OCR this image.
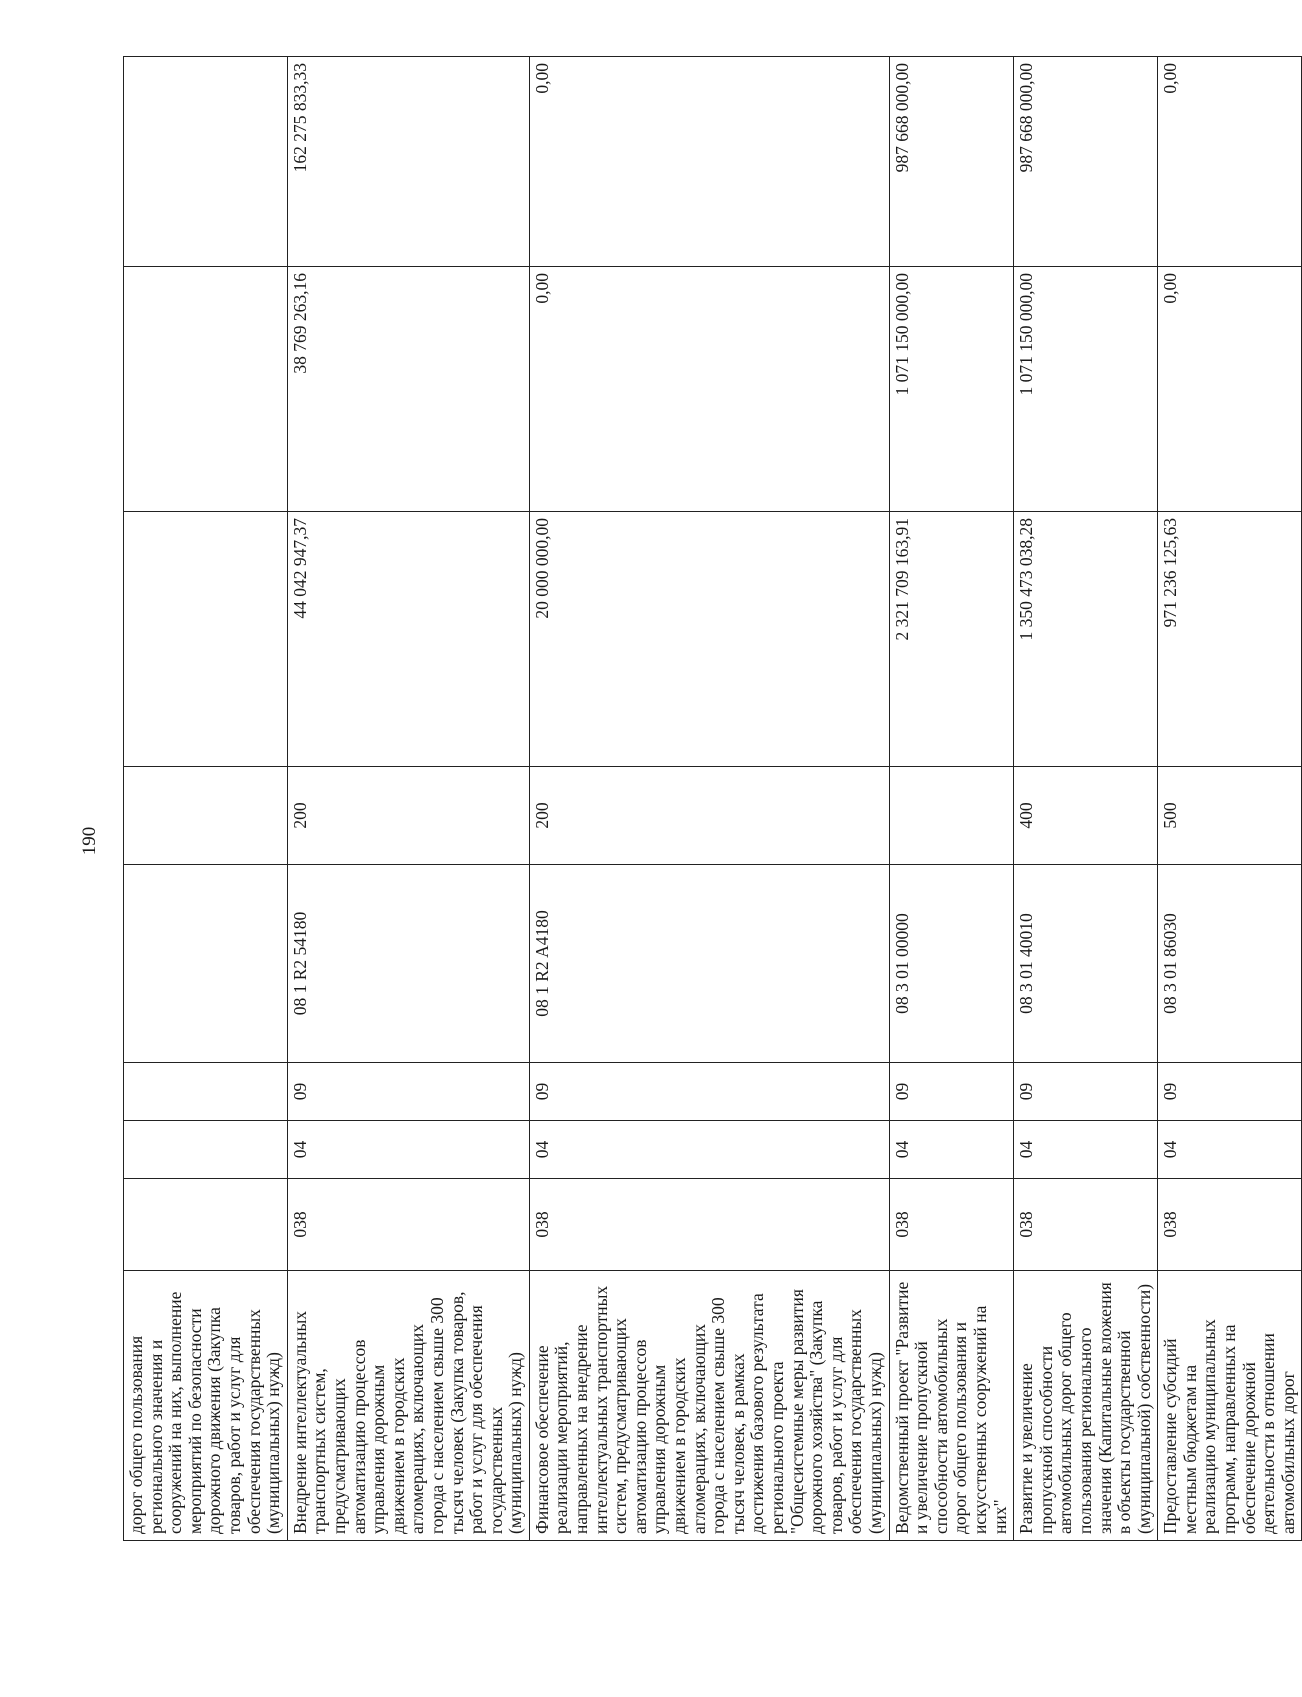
190
дорог общего пользования регионального значения и сооружений на них, выполнение мероприятий по безопасности дорожного движения (Закупка товаров, работ и услуг для обеспечения государственных (муниципальных) нужд)								
Внедрение интеллектуальных транспортных систем, предусматривающих автоматизацию процессов управления дорожным движением в городских агломерациях, включающих города с населением свыше 300 тысяч человек (Закупка товаров, работ и услуг для обеспечения государственных (муниципальных) нужд)	038	04	09	08 1 R2 54180	200	44 042 947,37	38 769 263,16	162 275 833,33
Финансовое обеспечение реализации мероприятий, направленных на внедрение интеллектуальных транспортных систем, предусматривающих автоматизацию процессов управления дорожным движением в городских агломерациях, включающих города с населением свыше 300 тысяч человек, в рамках достижения базового результата регионального проекта "Общесистемные меры развития дорожного хозяйства" (Закупка товаров, работ и услуг для обеспечения государственных (муниципальных) нужд)	038	04	09	08 1 R2 A4180	200	20 000 000,00	0,00	0,00
Ведомственный проект "Развитие и увеличение пропускной способности автомобильных дорог общего пользования и искусственных сооружений на них"	038	04	09	08 3 01 00000		2 321 709 163,91	1 071 150 000,00	987 668 000,00
Развитие и увеличение пропускной способности автомобильных дорог общего пользования регионального значения (Капитальные вложения в объекты государственной (муниципальной) собственности)	038	04	09	08 3 01 40010	400	1 350 473 038,28	1 071 150 000,00	987 668 000,00
Предоставление субсидий местным бюджетам на реализацию муниципальных программ, направленных на обеспечение дорожной деятельности в отношении автомобильных дорог	038	04	09	08 3 01 86030	500	971 236 125,63	0,00	0,00
